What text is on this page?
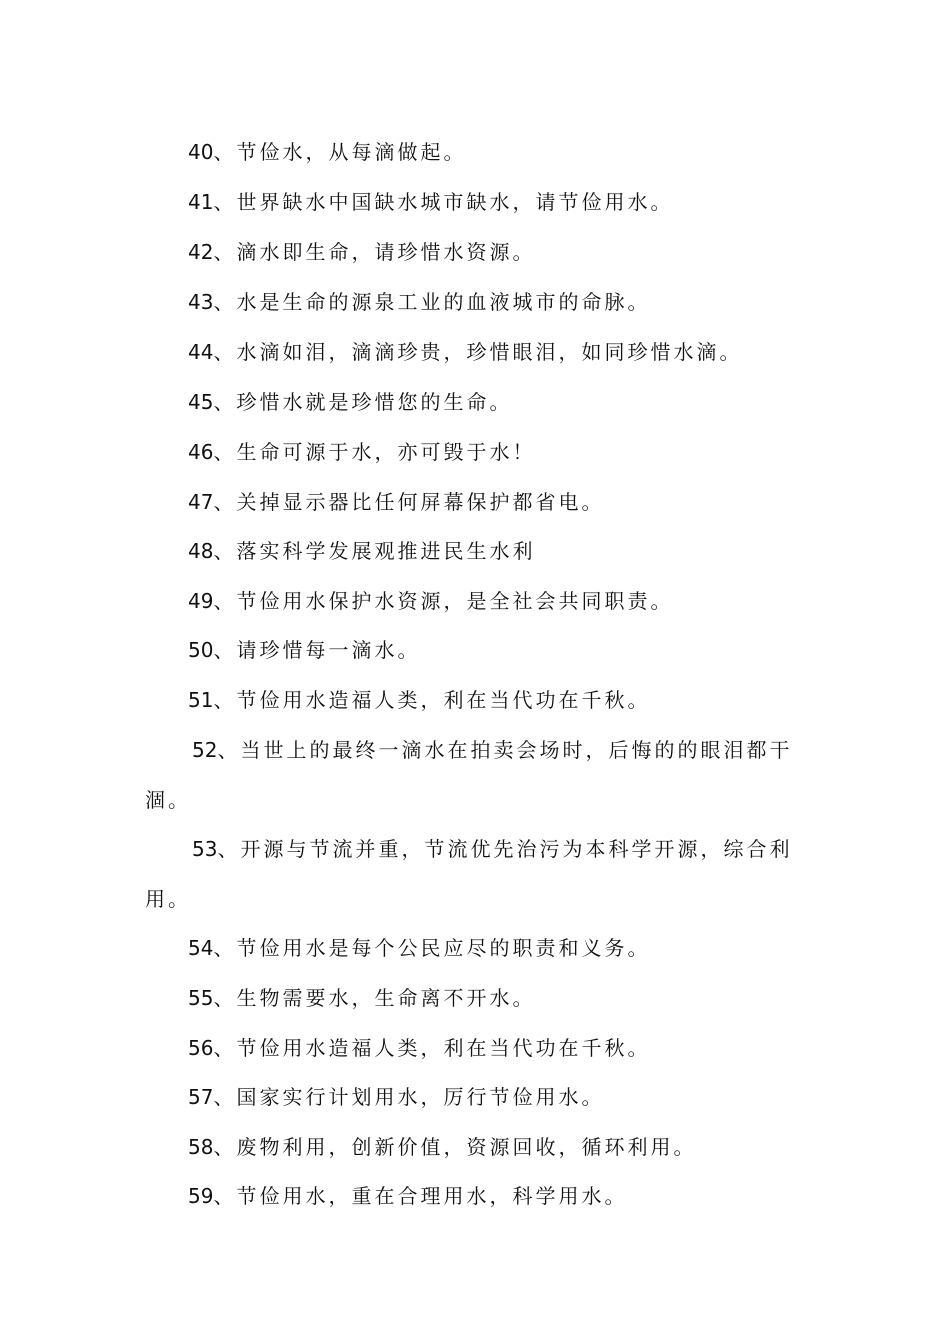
40、节俭水，从每滴做起。
41、世界缺水中国缺水城市缺水，请节俭用水。
42、滴水即生命，请珍惜水资源。
43、水是生命的源泉工业的血液城市的命脉。
44、水滴如泪，滴滴珍贵，珍惜眼泪，如同珍惜水滴。
45、珍惜水就是珍惜您的生命。
46、生命可源于水，亦可毁于水！
47、关掉显示器比任何屏幕保护都省电。
48、落实科学发展观推进民生水利
49、节俭用水保护水资源，是全社会共同职责。
50、请珍惜每一滴水。
51、节俭用水造福人类，利在当代功在千秋。
52、当世上的最终一滴水在拍卖会场时，后悔的的眼泪都干
涸。
53、开源与节流并重，节流优先治污为本科学开源，综合利
用。
54、节俭用水是每个公民应尽的职责和义务。
55、生物需要水，生命离不开水。
56、节俭用水造福人类，利在当代功在千秋。
57、国家实行计划用水，厉行节俭用水。
58、废物利用，创新价值，资源回收，循环利用。
59、节俭用水，重在合理用水，科学用水。
